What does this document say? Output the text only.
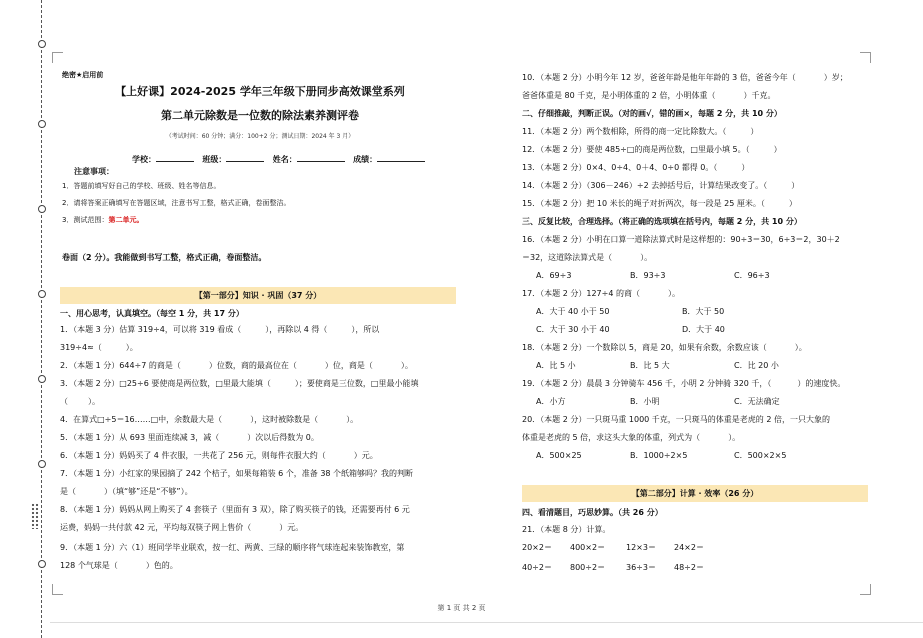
绝密★启用前
【上好课】2024-2025 学年三年级下册同步高效课堂系列
第二单元除数是一位数的除法素养测评卷
（考试时间：60 分钟；满分：100+2 分；测试日期：2024 年 3 月）
学校：	班级：	姓名：	成绩：
注意事项：
1．答题前填写好自己的学校、班级、姓名等信息。
2．请将答案正确填写在答题区域，注意书写工整，格式正确，卷面整洁。
3．测试范围：第二单元。
卷面（2 分）。我能做到书写工整，格式正确，卷面整洁。
【第一部分】知识 · 巩固（37 分）
一、用心思考，认真填空。（每空 1 分，共 17 分）
1．（本题 3 分）估算 319÷4，可以将 319 看成（	），再除以 4 得（	），所以
319÷4≈（	）。
2．（本题 1 分）644÷7 的商是（	）位数，商的最高位在（	）位，商是（	）。
3．（本题 2 分）□25÷6 要使商是两位数，□里最大能填（	）；要使商是三位数，□里最小能填
（	）。
4．在算式□÷5＝16……□中，余数最大是（	），这时被除数是（	）。
5．（本题 1 分）从 693 里面连续减 3，减（	）次以后得数为 0。
6．（本题 1 分）妈妈买了 4 件衣服，一共花了 256 元，则每件衣服大约（	）元。
7．（本题 1 分）小红家的果园摘了 242 个桔子，如果每箱装 6 个，准备 38 个纸箱够吗？我的判断
是（	）（填“够”还是“不够”）。
8．（本题 1 分）妈妈从网上购买了 4 套筷子（里面有 3 双），除了购买筷子的钱，还需要再付 6 元
运费，妈妈一共付款 42 元，平均每双筷子网上售价（	）元。
9．（本题 1 分）六（1）班同学毕业联欢，按一红、两黄、三绿的顺序将气球连起来装饰教室，第
128 个气球是（	）色的。
10．（本题 2 分）小明今年 12 岁，爸爸年龄是他年年龄的 3 倍，爸爸今年（	）岁；
爸爸体重是 80 千克，是小明体重的 2 倍，小明体重（	）千克。
二、仔细推敲，判断正误。（对的画√，错的画×，每题 2 分，共 10 分）
11．（本题 2 分）两个数相除，所得的商一定比除数大。（	）
12．（本题 2 分）要使 485÷□的商是两位数，□里最小填 5。（	）
13．（本题 2 分）0×4、0÷4、0＋4、0÷0 都得 0。（	）
14．（本题 2 分）（306－246）÷2 去掉括号后，计算结果改变了。（	）
15．（本题 2 分）把 10 米长的绳子对折两次，每一段是 25 厘米。（	）
三、反复比较，合理选择。（将正确的选项填在括号内，每题 2 分，共 10 分）
16．（本题 2 分）小明在口算一道除法算式时是这样想的：90÷3＝30，6÷3＝2，30＋2
＝32，这道除法算式是（	）。
A．69÷3	B．93÷3	C．96÷3
17．（本题 2 分）127÷4 的商（	）。
A．大于 40 小于 50	B．大于 50
C．大于 30 小于 40	D．大于 40
18．（本题 2 分）一个数除以 5，商是 20，如果有余数，余数应该（	）。
A．比 5 小	B．比 5 大	C．比 20 小
19．（本题 2 分）晨晨 3 分钟骑车 456 千，小明 2 分钟骑 320 千，（	）的速度快。
A．小方	B．小明	C．无法确定
20．（本题 2 分）一只斑马重 1000 千克，一只斑马的体重是老虎的 2 倍，一只大象的
体重是老虎的 5 倍，求这头大象的体重，列式为（	）。
A．500×25	B．1000÷2×5	C．500×2×5
【第二部分】计算 · 效率（26 分）
四、看清题目，巧思妙算。（共 26 分）
21．（本题 8 分）计算。
20×2＝ 400×2＝	12×3＝ 24×2＝
40÷2＝ 800÷2＝	36÷3＝ 48÷2＝
第 1 页 共 2 页
